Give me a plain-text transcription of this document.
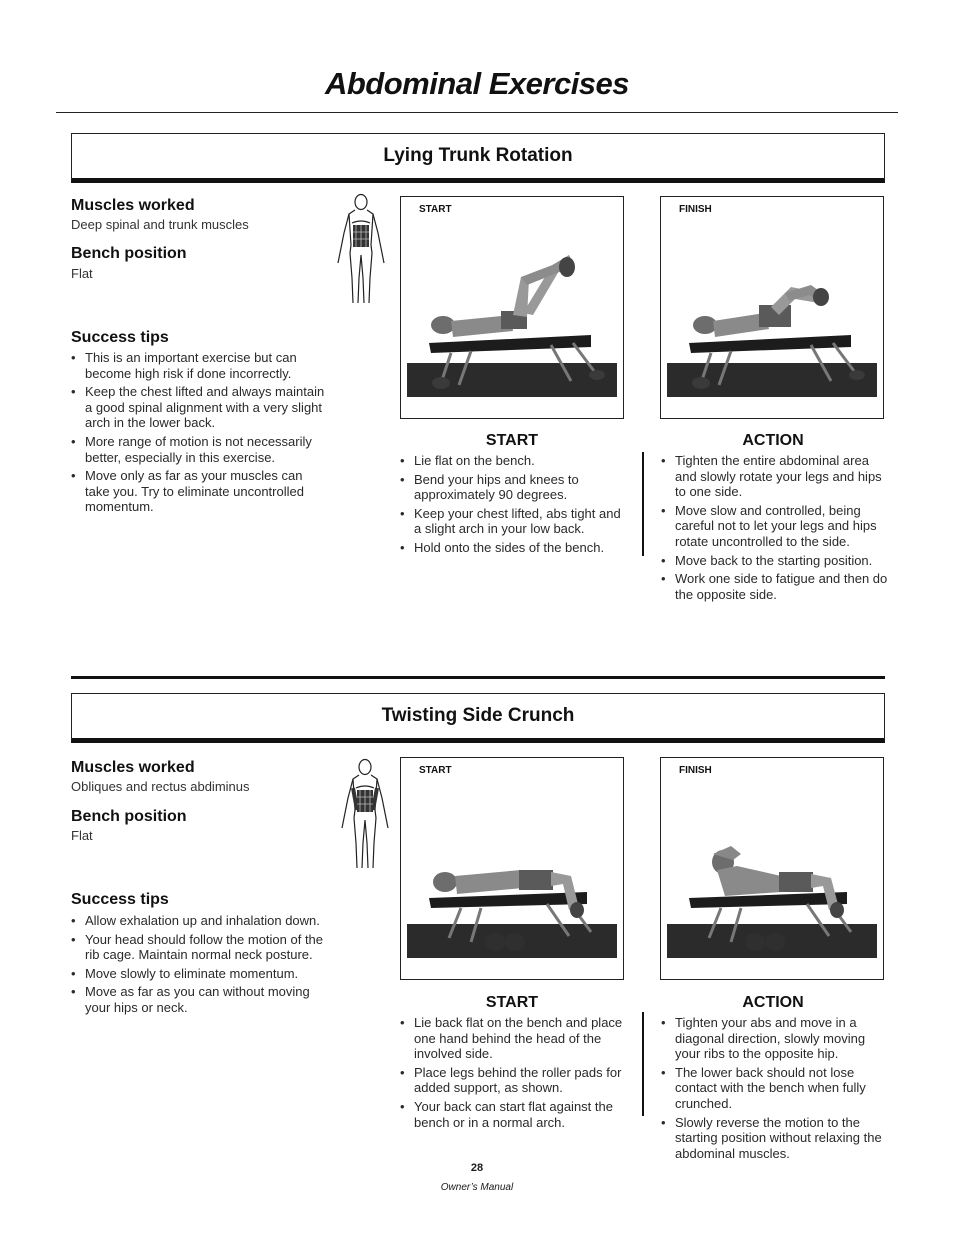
Abdominal Exercises
Lying Trunk Rotation
Muscles worked
Deep spinal and trunk muscles
Bench position
Flat
Success tips
• This is an important exercise but can become high risk if done incorrectly.
• Keep the chest lifted and always maintain a good spinal alignment with a very slight arch in the lower back.
• More range of motion is not necessarily better, especially in this exercise.
• Move only as far as your muscles can take you. Try to eliminate uncontrolled momentum.
START	FINISH
START
• Lie flat on the bench.
• Bend your hips and knees to approximately 90 degrees.
• Keep your chest lifted, abs tight and a slight arch in your low back.
• Hold onto the sides of the bench.
ACTION
• Tighten the entire abdominal area and slowly rotate your legs and hips to one side.
• Move slow and controlled, being careful not to let your legs and hips rotate uncontrolled to the side.
• Move back to the starting position.
• Work one side to fatigue and then do the opposite side.
Twisting Side Crunch
Muscles worked
Obliques and rectus abdiminus
Bench position
Flat
Success tips
• Allow exhalation up and inhalation down.
• Your head should follow the motion of the rib cage. Maintain normal neck posture.
• Move slowly to eliminate momentum.
• Move as far as you can without moving your hips or neck.
START	FINISH
START
• Lie back flat on the bench and place one hand behind the head of the involved side.
• Place legs behind the roller pads for added support, as shown.
• Your back can start flat against the bench or in a normal arch.
ACTION
• Tighten your abs and move in a diagonal direction, slowly moving your ribs to the opposite hip.
• The lower back should not lose contact with the bench when fully crunched.
• Slowly reverse the motion to the starting position without relaxing the abdominal muscles.
28
Owner’s Manual
